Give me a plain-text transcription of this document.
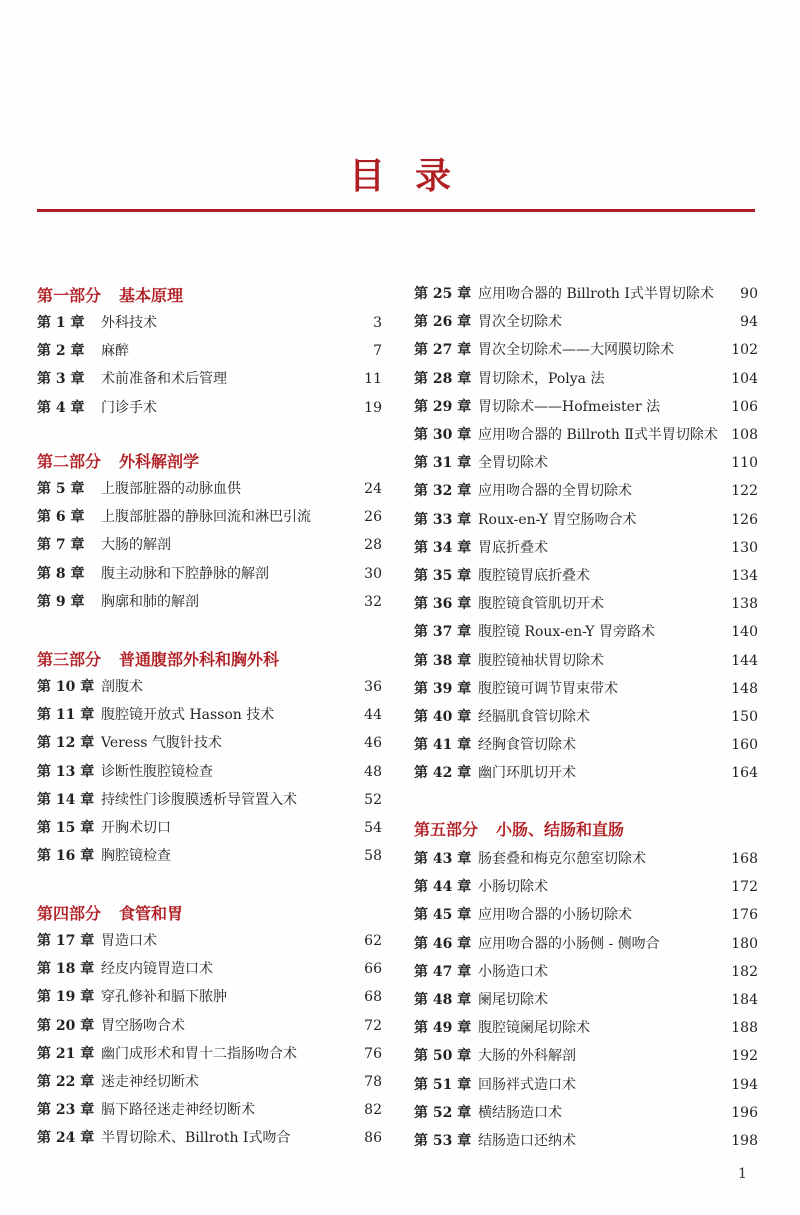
目录
第一部分 基本原理
第 1 章 外科技术	3
第 2 章 麻醉	7
第 3 章 术前准备和术后管理	11
第 4 章 门诊手术	19
第二部分 外科解剖学
第 5 章 上腹部脏器的动脉血供	24
第 6 章 上腹部脏器的静脉回流和淋巴引流	26
第 7 章 大肠的解剖	28
第 8 章 腹主动脉和下腔静脉的解剖	30
第 9 章 胸廓和肺的解剖	32
第三部分 普通腹部外科和胸外科
第 10 章 剖腹术	36
第 11 章 腹腔镜开放式 Hasson 技术	44
第 12 章 Veress 气腹针技术	46
第 13 章 诊断性腹腔镜检查	48
第 14 章 持续性门诊腹膜透析导管置入术	52
第 15 章 开胸术切口	54
第 16 章 胸腔镜检查	58
第四部分 食管和胃
第 17 章 胃造口术	62
第 18 章 经皮内镜胃造口术	66
第 19 章 穿孔修补和膈下脓肿	68
第 20 章 胃空肠吻合术	72
第 21 章 幽门成形术和胃十二指肠吻合术	76
第 22 章 迷走神经切断术	78
第 23 章 膈下路径迷走神经切断术	82
第 24 章 半胃切除术、Billroth Ⅰ式吻合	86
第 25 章 应用吻合器的 Billroth Ⅰ式半胃切除术 90
第 26 章 胃次全切除术	94
第 27 章 胃次全切除术——大网膜切除术	102
第 28 章 胃切除术，Polya 法	104
第 29 章 胃切除术——Hofmeister 法	106
第 30 章 应用吻合器的 Billroth Ⅱ式半胃切除术 108
第 31 章 全胃切除术	110
第 32 章 应用吻合器的全胃切除术	122
第 33 章 Roux-en-Y 胃空肠吻合术	126
第 34 章 胃底折叠术	130
第 35 章 腹腔镜胃底折叠术	134
第 36 章 腹腔镜食管肌切开术	138
第 37 章 腹腔镜 Roux-en-Y 胃旁路术	140
第 38 章 腹腔镜袖状胃切除术	144
第 39 章 腹腔镜可调节胃束带术	148
第 40 章 经膈肌食管切除术	150
第 41 章 经胸食管切除术	160
第 42 章 幽门环肌切开术	164
第五部分 小肠、结肠和直肠
第 43 章 肠套叠和梅克尔憩室切除术	168
第 44 章 小肠切除术	172
第 45 章 应用吻合器的小肠切除术	176
第 46 章 应用吻合器的小肠侧 - 侧吻合	180
第 47 章 小肠造口术	182
第 48 章 阑尾切除术	184
第 49 章 腹腔镜阑尾切除术	188
第 50 章 大肠的外科解剖	192
第 51 章 回肠袢式造口术	194
第 52 章 横结肠造口术	196
第 53 章 结肠造口还纳术	198
1
